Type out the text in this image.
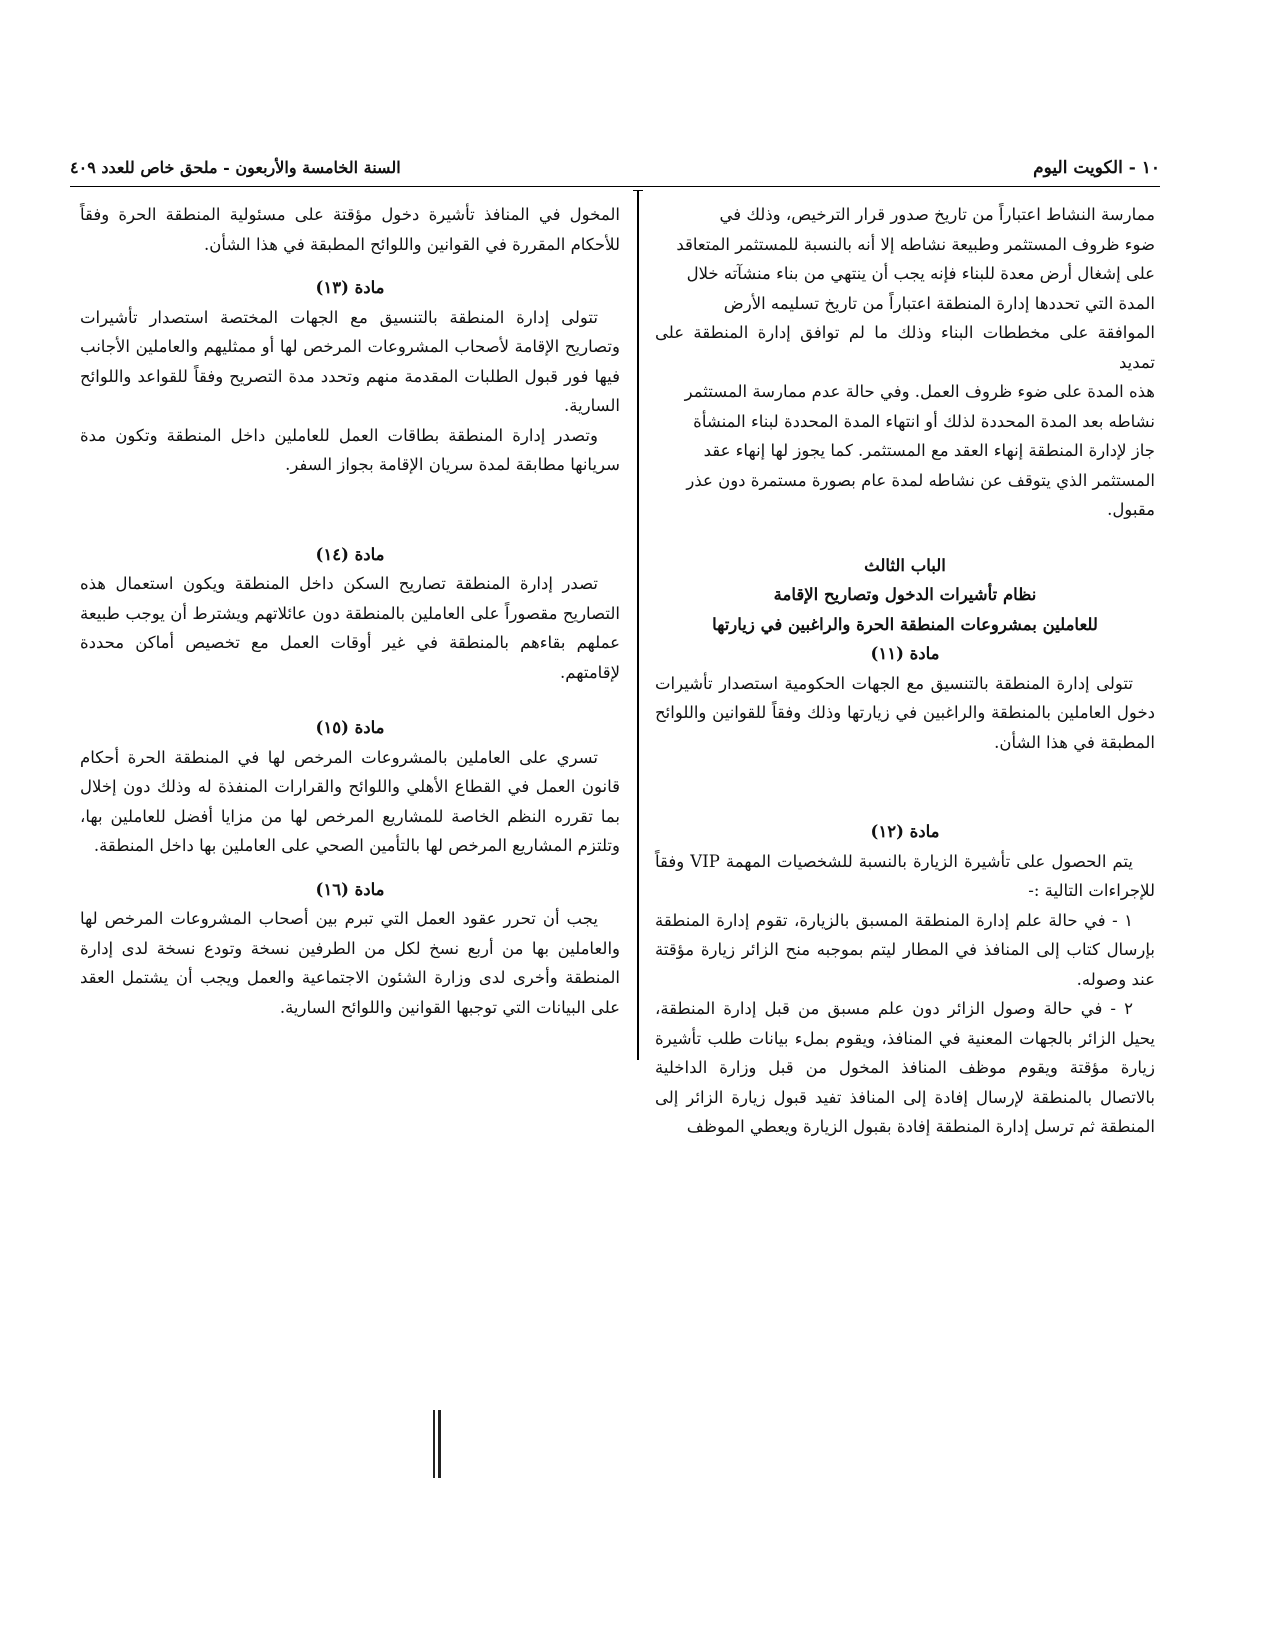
١٠ - الكويت اليوم
السنة الخامسة والأربعون - ملحق خاص للعدد ٤٠٩

ممارسة النشاط اعتباراً من تاريخ صدور قرار الترخيص، وذلك في

ضوء ظروف المستثمر وطبيعة نشاطه إلا أنه بالنسبة للمستثمر المتعاقد

على إشغال أرض معدة للبناء فإنه يجب أن ينتهي من بناء منشآته خلال

المدة التي تحددها إدارة المنطقة اعتباراً من تاريخ تسليمه الأرض

الموافقة على مخططات البناء وذلك ما لم توافق إدارة المنطقة على تمديد

هذه المدة على ضوء ظروف العمل. وفي حالة عدم ممارسة المستثمر

نشاطه بعد المدة المحددة لذلك أو انتهاء المدة المحددة لبناء المنشأة

جاز لإدارة المنطقة إنهاء العقد مع المستثمر. كما يجوز لها إنهاء عقد

المستثمر الذي يتوقف عن نشاطه لمدة عام بصورة مستمرة دون عذر

مقبول.

الباب الثالث

نظام تأشيرات الدخول وتصاريح الإقامة

للعاملين بمشروعات المنطقة الحرة والراغبين في زيارتها

مادة (١١)

تتولى إدارة المنطقة بالتنسيق مع الجهات الحكومية استصدار تأشيرات دخول العاملين بالمنطقة والراغبين في زيارتها وذلك وفقاً للقوانين واللوائح المطبقة في هذا الشأن.

مادة (١٢)

يتم الحصول على تأشيرة الزيارة بالنسبة للشخصيات المهمة VIP وفقاً للإجراءات التالية :-

١ - في حالة علم إدارة المنطقة المسبق بالزيارة، تقوم إدارة المنطقة بإرسال كتاب إلى المنافذ في المطار ليتم بموجبه منح الزائر زيارة مؤقتة عند وصوله.

٢ - في حالة وصول الزائر دون علم مسبق من قبل إدارة المنطقة، يحيل الزائر بالجهات المعنية في المنافذ، ويقوم بملء بيانات طلب تأشيرة زيارة مؤقتة ويقوم موظف المنافذ المخول من قبل وزارة الداخلية بالاتصال بالمنطقة لإرسال إفادة إلى المنافذ تفيد قبول زيارة الزائر إلى المنطقة ثم ترسل إدارة المنطقة إفادة بقبول الزيارة ويعطي الموظف

المخول في المنافذ تأشيرة دخول مؤقتة على مسئولية المنطقة الحرة وفقاً للأحكام المقررة في القوانين واللوائح المطبقة في هذا الشأن.

مادة (١٣)

تتولى إدارة المنطقة بالتنسيق مع الجهات المختصة استصدار تأشيرات وتصاريح الإقامة لأصحاب المشروعات المرخص لها أو ممثليهم والعاملين الأجانب فيها فور قبول الطلبات المقدمة منهم وتحدد مدة التصريح وفقاً للقواعد واللوائح السارية.

وتصدر إدارة المنطقة بطاقات العمل للعاملين داخل المنطقة وتكون مدة سريانها مطابقة لمدة سريان الإقامة بجواز السفر.

مادة (١٤)

تصدر إدارة المنطقة تصاريح السكن داخل المنطقة ويكون استعمال هذه التصاريح مقصوراً على العاملين بالمنطقة دون عائلاتهم ويشترط أن يوجب طبيعة عملهم بقاءهم بالمنطقة في غير أوقات العمل مع تخصيص أماكن محددة لإقامتهم.

مادة (١٥)

تسري على العاملين بالمشروعات المرخص لها في المنطقة الحرة أحكام قانون العمل في القطاع الأهلي واللوائح والقرارات المنفذة له وذلك دون إخلال بما تقرره النظم الخاصة للمشاريع المرخص لها من مزايا أفضل للعاملين بها، وتلتزم المشاريع المرخص لها بالتأمين الصحي على العاملين بها داخل المنطقة.

مادة (١٦)

يجب أن تحرر عقود العمل التي تبرم بين أصحاب المشروعات المرخص لها والعاملين بها من أربع نسخ لكل من الطرفين نسخة وتودع نسخة لدى إدارة المنطقة وأخرى لدى وزارة الشئون الاجتماعية والعمل ويجب أن يشتمل العقد على البيانات التي توجبها القوانين واللوائح السارية.
